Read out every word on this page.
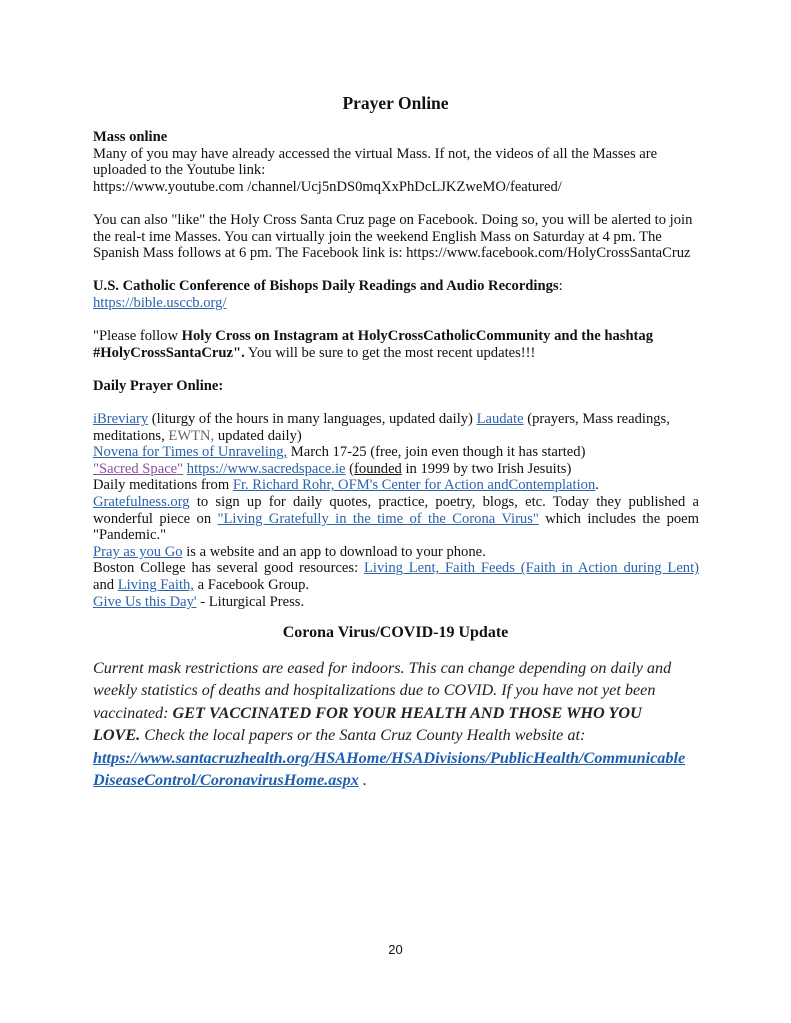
Prayer Online
Mass online
Many of you may have already accessed the virtual Mass. If not, the videos of all the Masses are
uploaded to the Youtube link:
https://www.youtube.com /channel/Ucj5nDS0mqXxPhDcLJKZweMO/featured/
You can also "like" the Holy Cross Santa Cruz page on Facebook. Doing so, you will be alerted to join
the real-t ime Masses. You can virtually join the weekend English Mass on Saturday at 4 pm. The
Spanish Mass follows at 6 pm. The Facebook link is: https://www.facebook.com/HolyCrossSantaCruz
U.S. Catholic Conference of Bishops Daily Readings and Audio Recordings:
https://bible.usccb.org/
"Please follow Holy Cross on Instagram at HolyCrossCatholicCommunity and the hashtag
#HolyCrossSantaCruz". You will be sure to get the most recent updates!!!
Daily Prayer Online:
iBreviary (liturgy of the hours in many languages, updated daily) Laudate (prayers, Mass readings,
meditations, EWTN, updated daily)
Novena for Times of Unraveling, March 17-25 (free, join even though it has started)
"Sacred Space" https://www.sacredspace.ie (founded in 1999 by two Irish Jesuits)
Daily meditations from Fr. Richard Rohr, OFM's Center for Action andContemplation.
Gratefulness.org to sign up for daily quotes, practice, poetry, blogs, etc. Today they published a
wonderful piece on "Living Gratefully in the time of the Corona Virus" which includes the poem
"Pandemic."
Pray as you Go is a website and an app to download to your phone.
Boston College has several good resources: Living Lent, Faith Feeds (Faith in Action during Lent)
and Living Faith, a Facebook Group.
Give Us this Day' - Liturgical Press.
Corona Virus/COVID-19 Update
Current mask restrictions are eased for indoors. This can change depending on daily and
weekly statistics of deaths and hospitalizations due to COVID. If you have not yet been
vaccinated: GET VACCINATED FOR YOUR HEALTH AND THOSE WHO YOU
LOVE. Check the local papers or the Santa Cruz County Health website at:
https://www.santacruzhealth.org/HSAHome/HSADivisions/PublicHealth/Communicable
DiseaseControl/CoronavirusHome.aspx .
20
